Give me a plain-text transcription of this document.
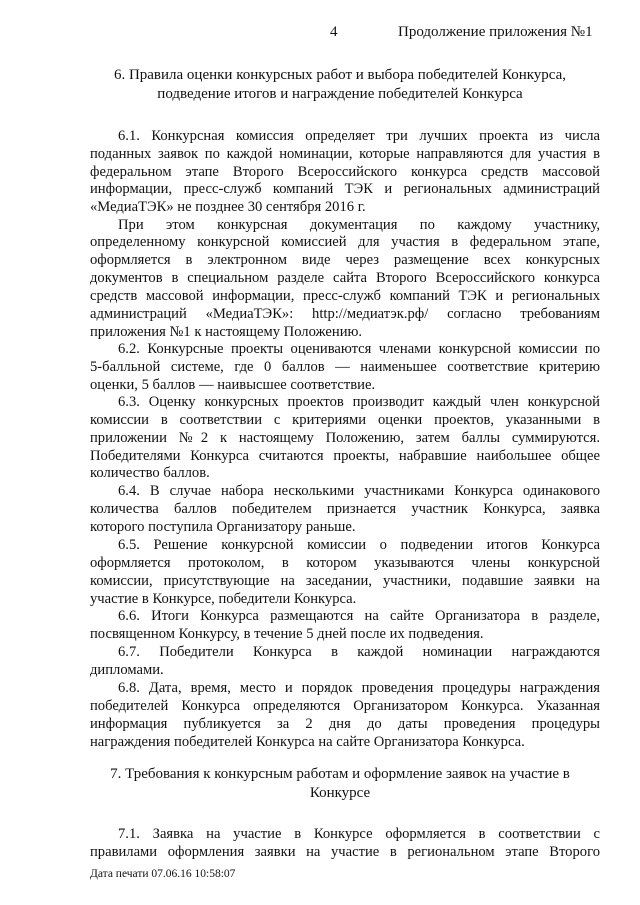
4	Продолжение приложения №1
6. Правила оценки конкурсных работ и выбора победителей Конкурса,
подведение итогов и награждение победителей Конкурса
6.1. Конкурсная комиссия определяет три лучших проекта из числа
поданных заявок по каждой номинации, которые направляются для участия в
федеральном этапе Второго Всероссийского конкурса средств массовой
информации, пресс-служб компаний ТЭК и региональных администраций
«МедиаТЭК» не позднее 30 сентября 2016 г.
При этом конкурсная документация по каждому участнику,
определенному конкурсной комиссией для участия в федеральном этапе,
оформляется в электронном виде через размещение всех конкурсных
документов в специальном разделе сайта Второго Всероссийского конкурса
средств массовой информации, пресс-служб компаний ТЭК и региональных
администраций «МедиаТЭК»: http://медиатэк.рф/ согласно требованиям
приложения №1 к настоящему Положению.
6.2. Конкурсные проекты оцениваются членами конкурсной комиссии по
5-балльной системе, где 0 баллов — наименьшее соответствие критерию
оценки, 5 баллов — наивысшее соответствие.
6.3. Оценку конкурсных проектов производит каждый член конкурсной
комиссии в соответствии с критериями оценки проектов, указанными в
приложении №2 к настоящему Положению, затем баллы суммируются.
Победителями Конкурса считаются проекты, набравшие наибольшее общее
количество баллов.
6.4. В случае набора несколькими участниками Конкурса одинакового
количества баллов победителем признается участник Конкурса, заявка
которого поступила Организатору раньше.
6.5. Решение конкурсной комиссии о подведении итогов Конкурса
оформляется протоколом, в котором указываются члены конкурсной
комиссии, присутствующие на заседании, участники, подавшие заявки на
участие в Конкурсе, победители Конкурса.
6.6. Итоги Конкурса размещаются на сайте Организатора в разделе,
посвященном Конкурсу, в течение 5 дней после их подведения.
6.7. Победители Конкурса в каждой номинации награждаются
дипломами.
6.8. Дата, время, место и порядок проведения процедуры награждения
победителей Конкурса определяются Организатором Конкурса. Указанная
информация публикуется за 2 дня до даты проведения процедуры
награждения победителей Конкурса на сайте Организатора Конкурса.
7. Требования к конкурсным работам и оформление заявок на участие в
Конкурсе
7.1. Заявка на участие в Конкурсе оформляется в соответствии с
правилами оформления заявки на участие в региональном этапе Второго
Дата печати 07.06.16 10:58:07
